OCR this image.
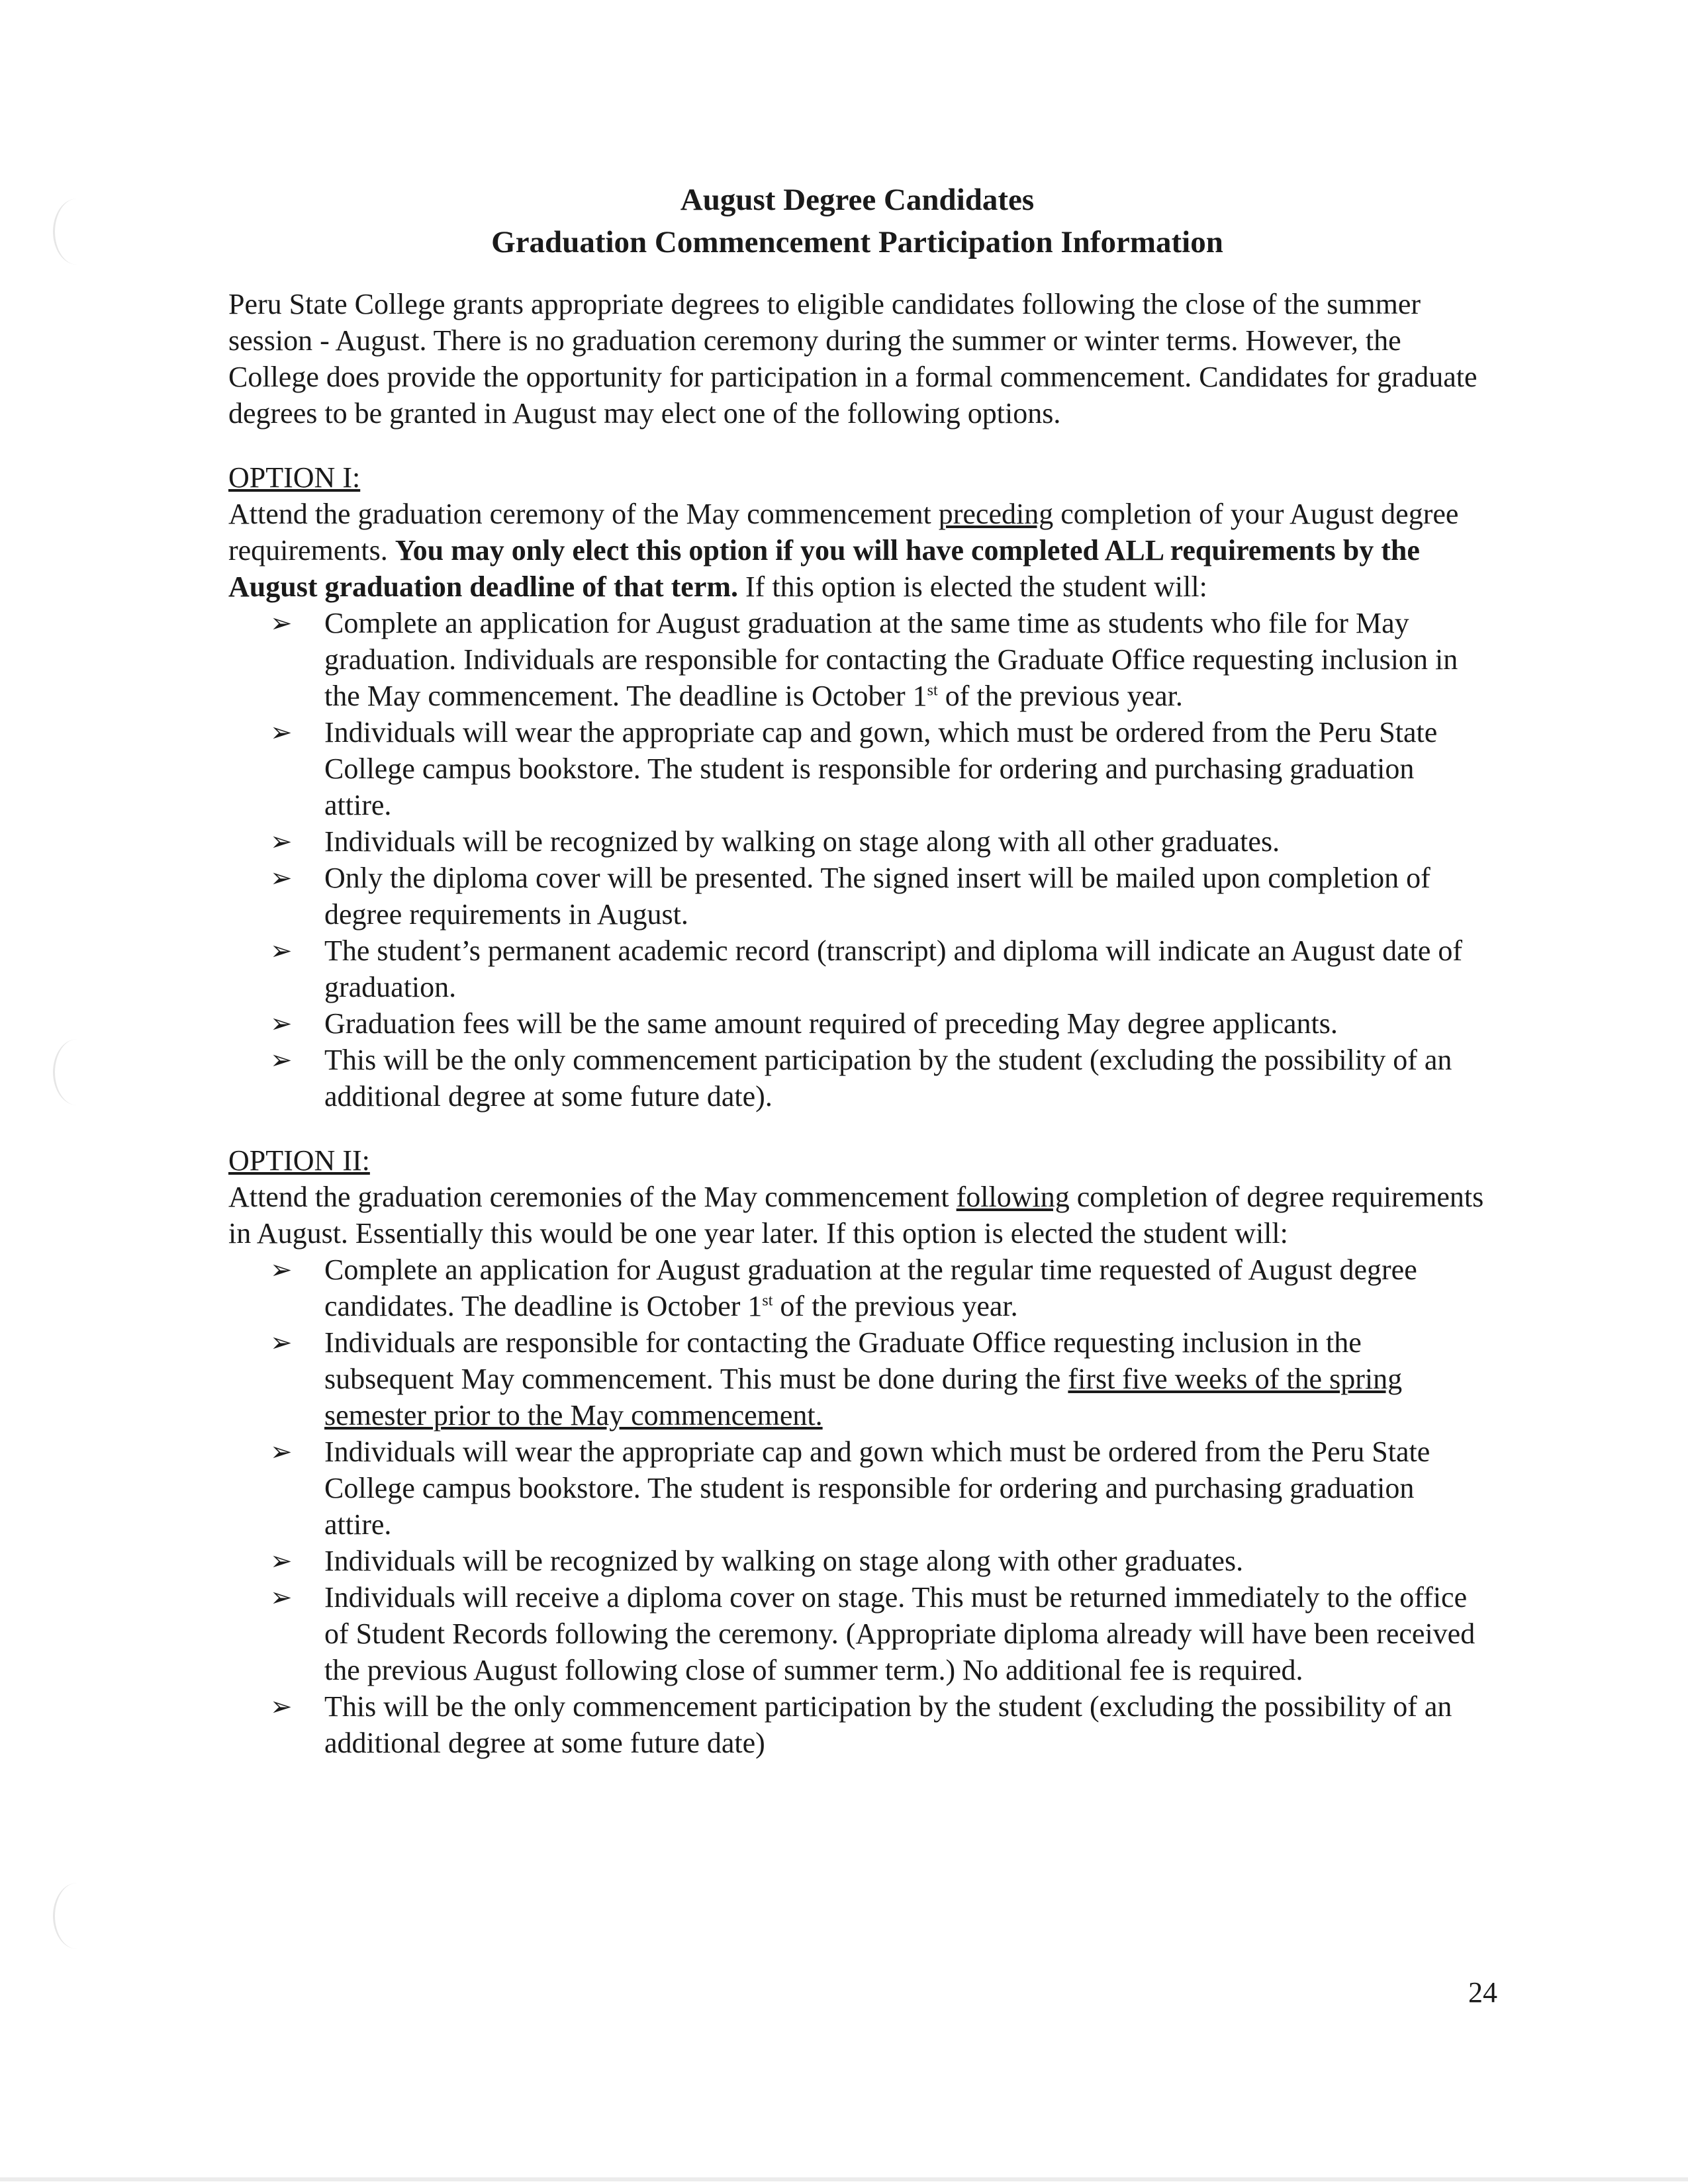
August Degree Candidates
Graduation Commencement Participation Information

Peru State College grants appropriate degrees to eligible candidates following the close of the summer session - August. There is no graduation ceremony during the summer or winter terms. However, the College does provide the opportunity for participation in a formal commencement. Candidates for graduate degrees to be granted in August may elect one of the following options.

OPTION I:

Attend the graduation ceremony of the May commencement preceding completion of your August degree requirements. You may only elect this option if you will have completed ALL requirements by the August graduation deadline of that term. If this option is elected the student will:

➢ Complete an application for August graduation at the same time as students who file for May graduation. Individuals are responsible for contacting the Graduate Office requesting inclusion in the May commencement. The deadline is October 1st of the previous year.
➢ Individuals will wear the appropriate cap and gown, which must be ordered from the Peru State College campus bookstore. The student is responsible for ordering and purchasing graduation attire.
➢ Individuals will be recognized by walking on stage along with all other graduates.
➢ Only the diploma cover will be presented. The signed insert will be mailed upon completion of degree requirements in August.
➢ The student’s permanent academic record (transcript) and diploma will indicate an August date of graduation.
➢ Graduation fees will be the same amount required of preceding May degree applicants.
➢ This will be the only commencement participation by the student (excluding the possibility of an additional degree at some future date).

OPTION II:

Attend the graduation ceremonies of the May commencement following completion of degree requirements in August. Essentially this would be one year later. If this option is elected the student will:

➢ Complete an application for August graduation at the regular time requested of August degree candidates. The deadline is October 1st of the previous year.
➢ Individuals are responsible for contacting the Graduate Office requesting inclusion in the subsequent May commencement. This must be done during the first five weeks of the spring semester prior to the May commencement.
➢ Individuals will wear the appropriate cap and gown which must be ordered from the Peru State College campus bookstore. The student is responsible for ordering and purchasing graduation attire.
➢ Individuals will be recognized by walking on stage along with other graduates.
➢ Individuals will receive a diploma cover on stage. This must be returned immediately to the office of Student Records following the ceremony. (Appropriate diploma already will have been received the previous August following close of summer term.) No additional fee is required.
➢ This will be the only commencement participation by the student (excluding the possibility of an additional degree at some future date)
24
